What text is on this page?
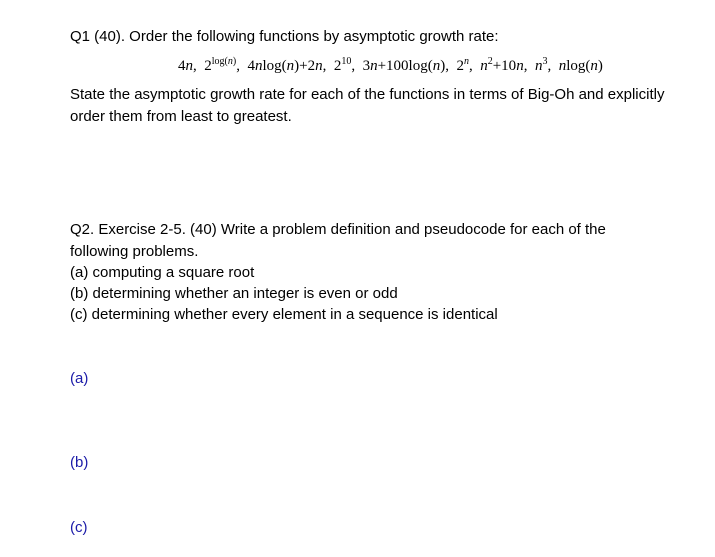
Q1 (40). Order the following functions by asymptotic growth rate:
4n,  $2^{log(n)}$,  4nlog(n)+2n,  $2^{10}$,  3n+100log(n),  2$^n$,  $n^2+10n$,  $n^3$,  nlog(n)
State the asymptotic growth rate for each of the functions in terms of Big-Oh and explicitly
order them from least to greatest.
Q2. Exercise 2-5. (40) Write a problem definition and pseudocode for each of the
following problems.
(a) computing a square root
(b) determining whether an integer is even or odd
(c) determining whether every element in a sequence is identical
(a)
(b)
(c)
